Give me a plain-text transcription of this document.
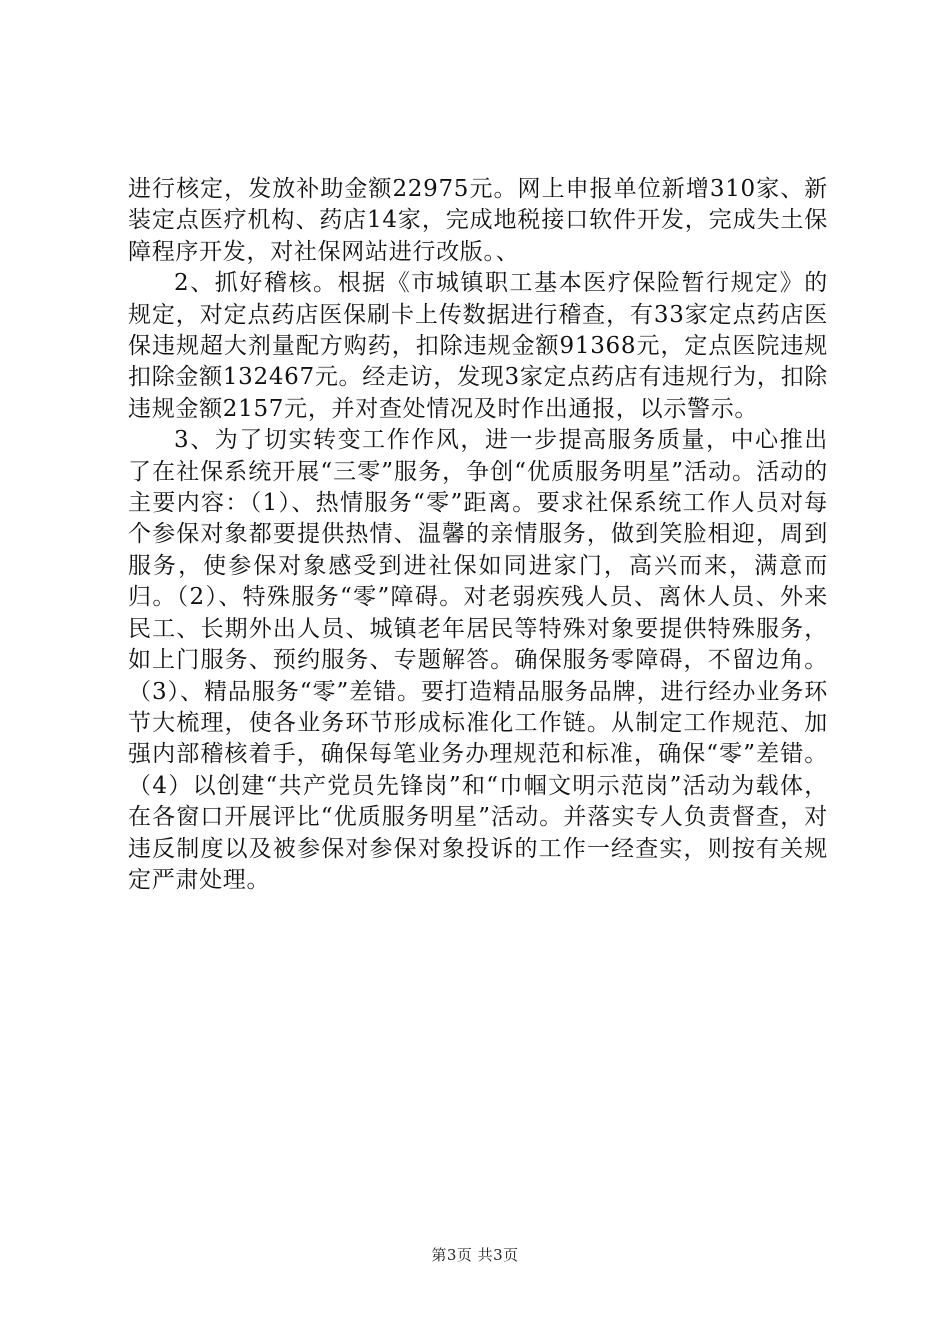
进行核定，发放补助金额22975元。网上申报单位新增310家、新装定点医疗机构、药店14家，完成地税接口软件开发，完成失土保障程序开发，对社保网站进行改版。、

2、抓好稽核。根据《市城镇职工基本医疗保险暂行规定》的规定，对定点药店医保刷卡上传数据进行稽查，有33家定点药店医保违规超大剂量配方购药，扣除违规金额91368元，定点医院违规扣除金额132467元。经走访，发现3家定点药店有违规行为，扣除违规金额2157元，并对查处情况及时作出通报，以示警示。

3、为了切实转变工作作风，进一步提高服务质量，中心推出了在社保系统开展“三零”服务，争创“优质服务明星”活动。活动的主要内容：（1）、热情服务“零”距离。要求社保系统工作人员对每个参保对象都要提供热情、温馨的亲情服务，做到笑脸相迎，周到服务，使参保对象感受到进社保如同进家门，高兴而来，满意而归。（2）、特殊服务“零”障碍。对老弱疾残人员、离休人员、外来民工、长期外出人员、城镇老年居民等特殊对象要提供特殊服务，如上门服务、预约服务、专题解答。确保服务零障碍，不留边角。（3）、精品服务“零”差错。要打造精品服务品牌，进行经办业务环节大梳理，使各业务环节形成标准化工作链。从制定工作规范、加强内部稽核着手，确保每笔业务办理规范和标准，确保“零”差错。（4）以创建“共产党员先锋岗”和“巾帼文明示范岗”活动为载体，在各窗口开展评比“优质服务明星”活动。并落实专人负责督查，对违反制度以及被参保对参保对象投诉的工作一经查实，则按有关规定严肃处理。

第3页 共3页
